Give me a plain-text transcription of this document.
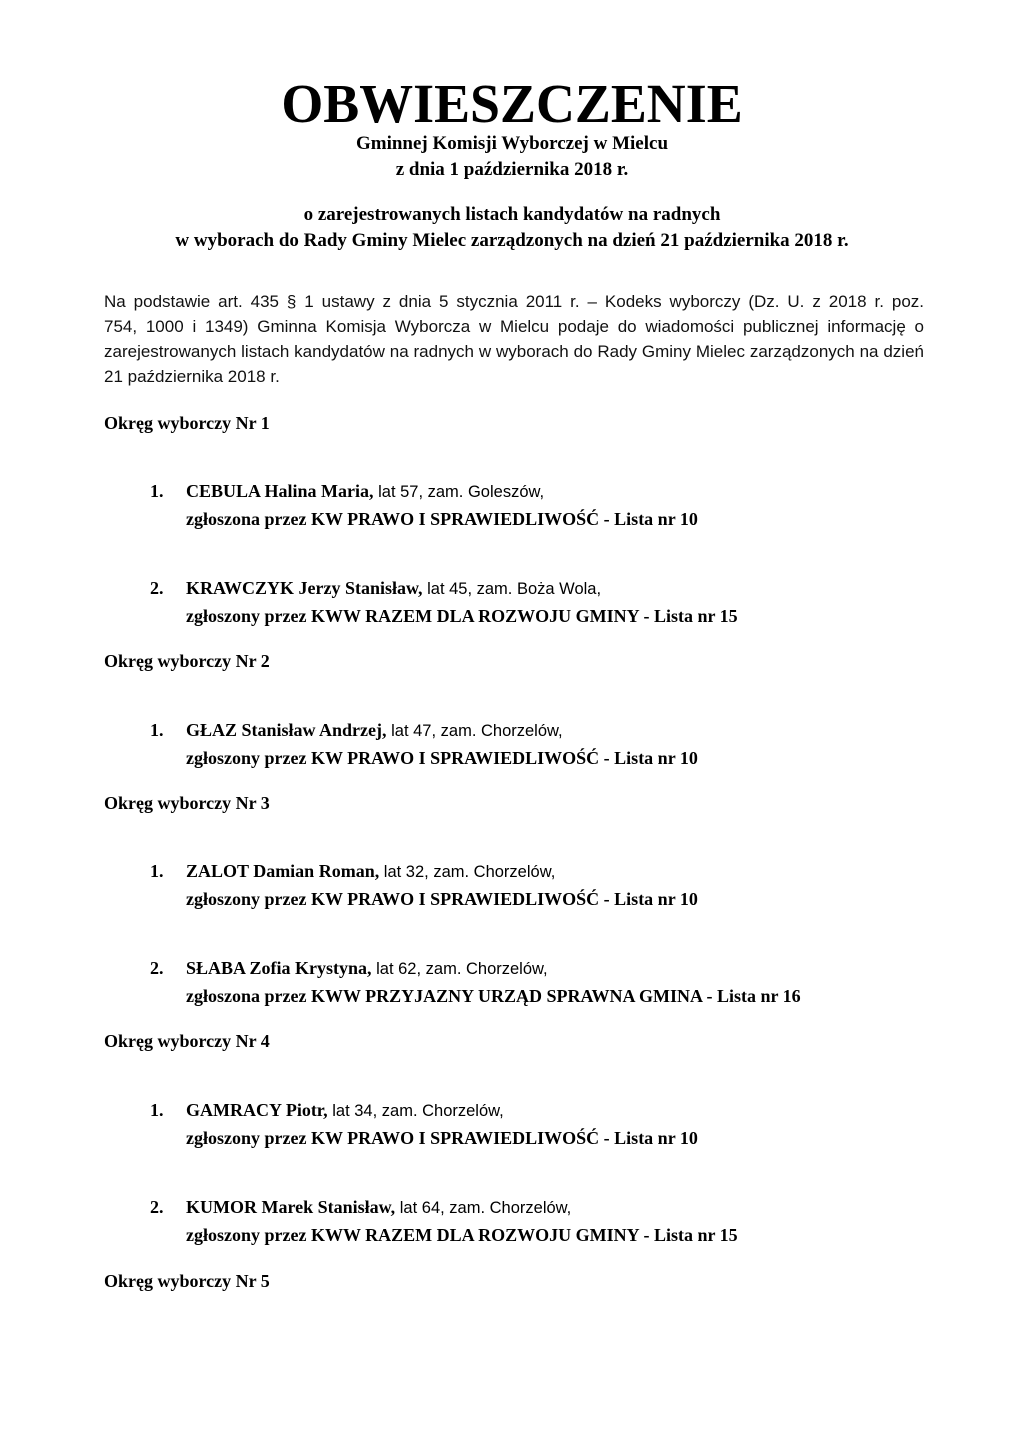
OBWIESZCZENIE
Gminnej Komisji Wyborczej w Mielcu
z dnia 1 października 2018 r.
o zarejestrowanych listach kandydatów na radnych
w wyborach do Rady Gminy Mielec zarządzonych na dzień 21 października 2018 r.
Na podstawie art. 435 § 1 ustawy z dnia 5 stycznia 2011 r. – Kodeks wyborczy (Dz. U. z 2018 r. poz.
754, 1000 i 1349) Gminna Komisja Wyborcza w Mielcu podaje do wiadomości publicznej informację o
zarejestrowanych listach kandydatów na radnych w wyborach do Rady Gminy Mielec zarządzonych na dzień
21 października 2018 r.
Okręg wyborczy Nr 1
1. CEBULA Halina Maria, lat 57, zam. Goleszów,
zgłoszona przez KW PRAWO I SPRAWIEDLIWOŚĆ - Lista nr 10
2. KRAWCZYK Jerzy Stanisław, lat 45, zam. Boża Wola,
zgłoszony przez KWW RAZEM DLA ROZWOJU GMINY - Lista nr 15
Okręg wyborczy Nr 2
1. GŁAZ Stanisław Andrzej, lat 47, zam. Chorzelów,
zgłoszony przez KW PRAWO I SPRAWIEDLIWOŚĆ - Lista nr 10
Okręg wyborczy Nr 3
1. ZALOT Damian Roman, lat 32, zam. Chorzelów,
zgłoszony przez KW PRAWO I SPRAWIEDLIWOŚĆ - Lista nr 10
2. SŁABA Zofia Krystyna, lat 62, zam. Chorzelów,
zgłoszona przez KWW PRZYJAZNY URZĄD SPRAWNA GMINA - Lista nr 16
Okręg wyborczy Nr 4
1. GAMRACY Piotr, lat 34, zam. Chorzelów,
zgłoszony przez KW PRAWO I SPRAWIEDLIWOŚĆ - Lista nr 10
2. KUMOR Marek Stanisław, lat 64, zam. Chorzelów,
zgłoszony przez KWW RAZEM DLA ROZWOJU GMINY - Lista nr 15
Okręg wyborczy Nr 5
